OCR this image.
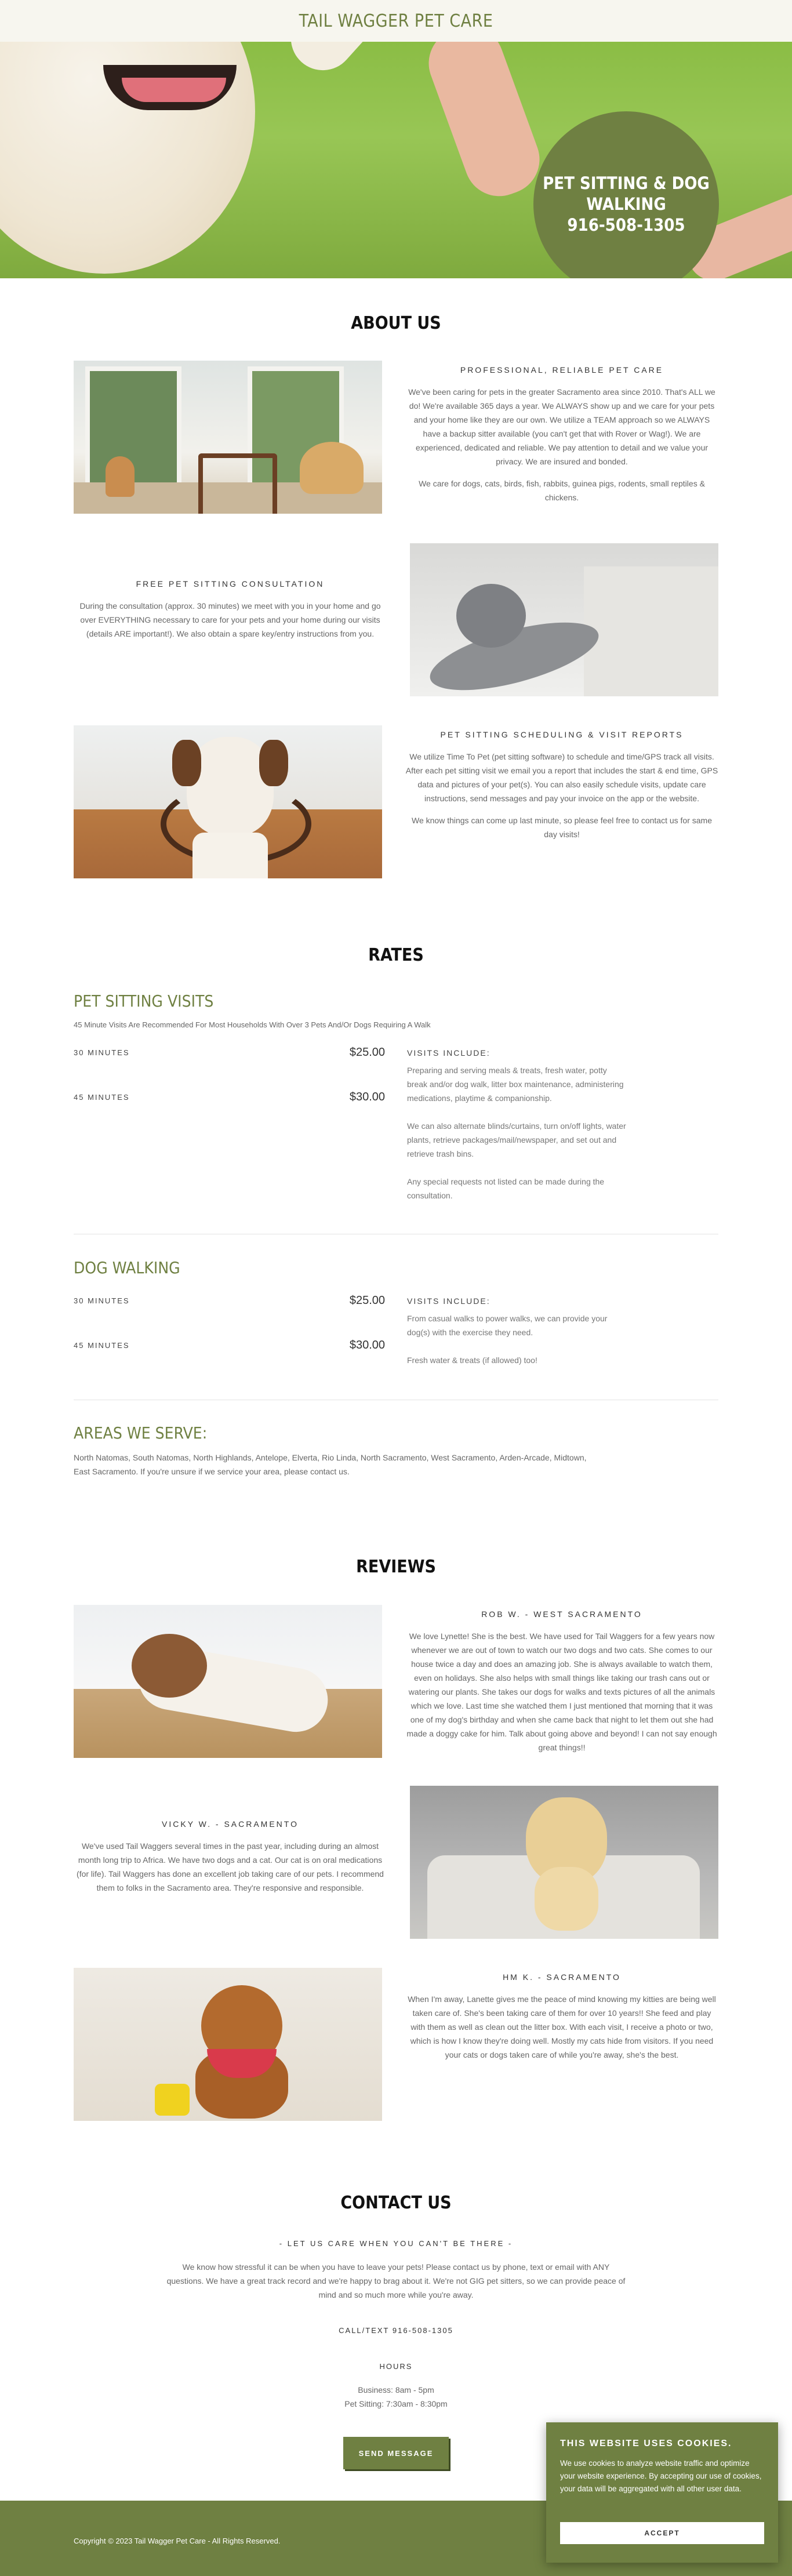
TAIL WAGGER PET CARE
PET SITTING & DOG
WALKING
916-508-1305
ABOUT US
PROFESSIONAL, RELIABLE PET CARE

We've been caring for pets in the greater Sacramento area since 2010. That's ALL we do! We're available 365 days a year. We ALWAYS show up and we care for your pets and your home like they are our own. We utilize a TEAM approach so we ALWAYS have a backup sitter available (you can't get that with Rover or Wag!). We are experienced, dedicated and reliable. We pay attention to detail and we value your privacy. We are insured and bonded.

We care for dogs, cats, birds, fish, rabbits, guinea pigs, rodents, small reptiles & chickens.

FREE PET SITTING CONSULTATION

During the consultation (approx. 30 minutes) we meet with you in your home and go over EVERYTHING necessary to care for your pets and your home during our visits (details ARE important!). We also obtain a spare key/entry instructions from you.

PET SITTING SCHEDULING & VISIT REPORTS

We utilize Time To Pet (pet sitting software) to schedule and time/GPS track all visits. After each pet sitting visit we email you a report that includes the start & end time, GPS data and pictures of your pet(s). You can also easily schedule visits, update care instructions, send messages and pay your invoice on the app or the website.

We know things can come up last minute, so please feel free to contact us for same day visits!

RATES
PET SITTING VISITS
45 Minute Visits Are Recommended For Most Households With Over 3 Pets And/Or Dogs Requiring A Walk
30 MINUTES	$25.00
45 MINUTES	$30.00
VISITS INCLUDE:
Preparing and serving meals & treats, fresh water, potty break and/or dog walk, litter box maintenance, administering medications, playtime & companionship.
We can also alternate blinds/curtains, turn on/off lights, water plants, retrieve packages/mail/newspaper, and set out and retrieve trash bins.
Any special requests not listed can be made during the consultation.
DOG WALKING
30 MINUTES	$25.00
45 MINUTES	$30.00
VISITS INCLUDE:
From casual walks to power walks, we can provide your dog(s) with the exercise they need.
Fresh water & treats (if allowed) too!
AREAS WE SERVE:
North Natomas, South Natomas, North Highlands, Antelope, Elverta, Rio Linda, North Sacramento, West Sacramento, Arden-Arcade, Midtown, East Sacramento. If you're unsure if we service your area, please contact us.
REVIEWS
ROB W. - WEST SACRAMENTO

We love Lynette! She is the best. We have used for Tail Waggers for a few years now whenever we are out of town to watch our two dogs and two cats. She comes to our house twice a day and does an amazing job. She is always available to watch them, even on holidays. She also helps with small things like taking our trash cans out or watering our plants. She takes our dogs for walks and texts pictures of all the animals which we love. Last time she watched them I just mentioned that morning that it was one of my dog's birthday and when she came back that night to let them out she had made a doggy cake for him. Talk about going above and beyond! I can not say enough great things!!

VICKY W. - SACRAMENTO

We've used Tail Waggers several times in the past year, including during an almost month long trip to Africa. We have two dogs and a cat. Our cat is on oral medications (for life). Tail Waggers has done an excellent job taking care of our pets. I recommend them to folks in the Sacramento area. They're responsive and responsible.

HM K. - SACRAMENTO

When I'm away, Lanette gives me the peace of mind knowing my kitties are being well taken care of. She's been taking care of them for over 10 years!! She feed and play with them as well as clean out the litter box. With each visit, I receive a photo or two, which is how I know they're doing well. Mostly my cats hide from visitors. If you need your cats or dogs taken care of while you're away, she's the best.

CONTACT US
- LET US CARE WHEN YOU CAN'T BE THERE -
We know how stressful it can be when you have to leave your pets! Please contact us by phone, text or email with ANY questions. We have a great track record and we're happy to brag about it. We're not GIG pet sitters, so we can provide peace of mind and so much more while you're away.
CALL/TEXT 916-508-1305
HOURS
Business: 8am - 5pm
Pet Sitting: 7:30am - 8:30pm
SEND MESSAGE
Copyright © 2023 Tail Wagger Pet Care - All Rights Reserved.
THIS WEBSITE USES COOKIES.
We use cookies to analyze website traffic and optimize your website experience. By accepting our use of cookies, your data will be aggregated with all other user data.
ACCEPT
